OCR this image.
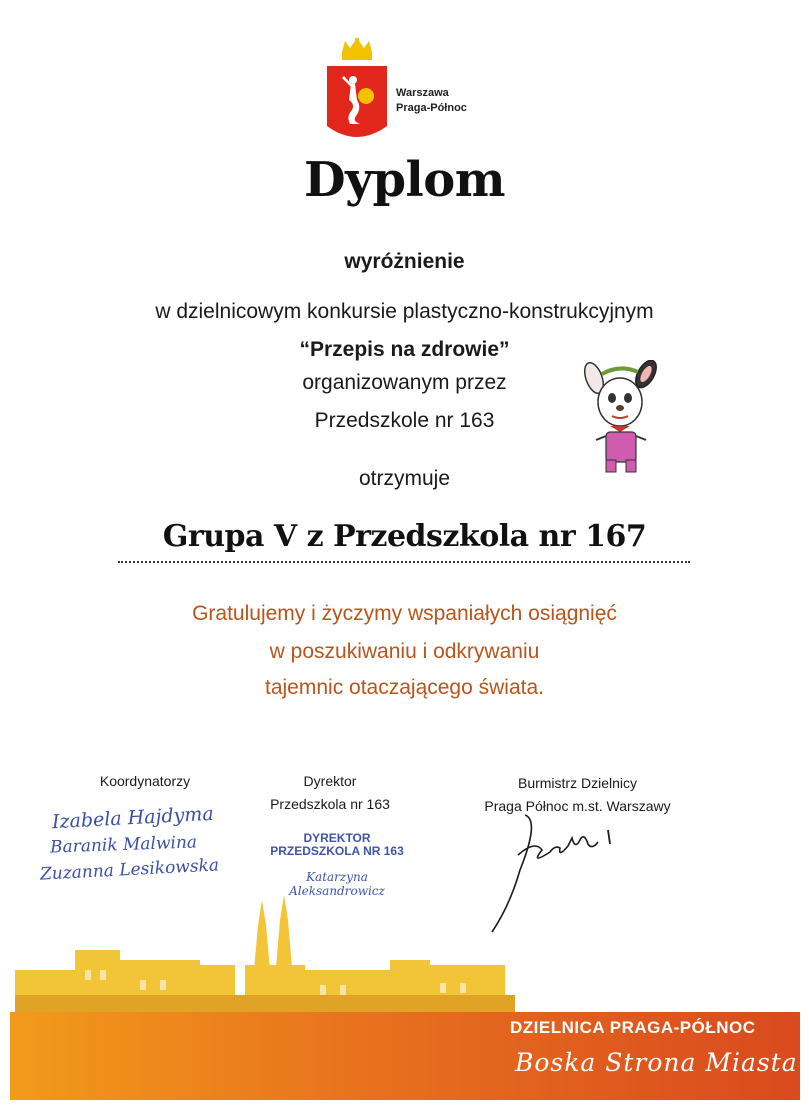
Warszawa
Praga-Północ
Dyplom
wyróżnienie
w dzielnicowym konkursie plastyczno-konstrukcyjnym
“Przepis na zdrowie”
organizowanym przez
Przedszkole nr 163
otrzymuje
Grupa V z Przedszkola nr 167
Gratulujemy i życzymy wspaniałych osiągnięć
w poszukiwaniu i odkrywaniu
tajemnic otaczającego świata.
Koordynatorzy	Dyrektor
Przedszkola nr 163
Burmistrz Dzielnicy
Praga Północ m.st. Warszawy
Izabela Hajdyma
Baranik Malwina
Zuzanna Lesikowska
DYREKTOR
PRZEDSZKOLA NR 163
Katarzyna Aleksandrowicz
DZIELNICA PRAGA-PÓŁNOC
Boska Strona Miasta
